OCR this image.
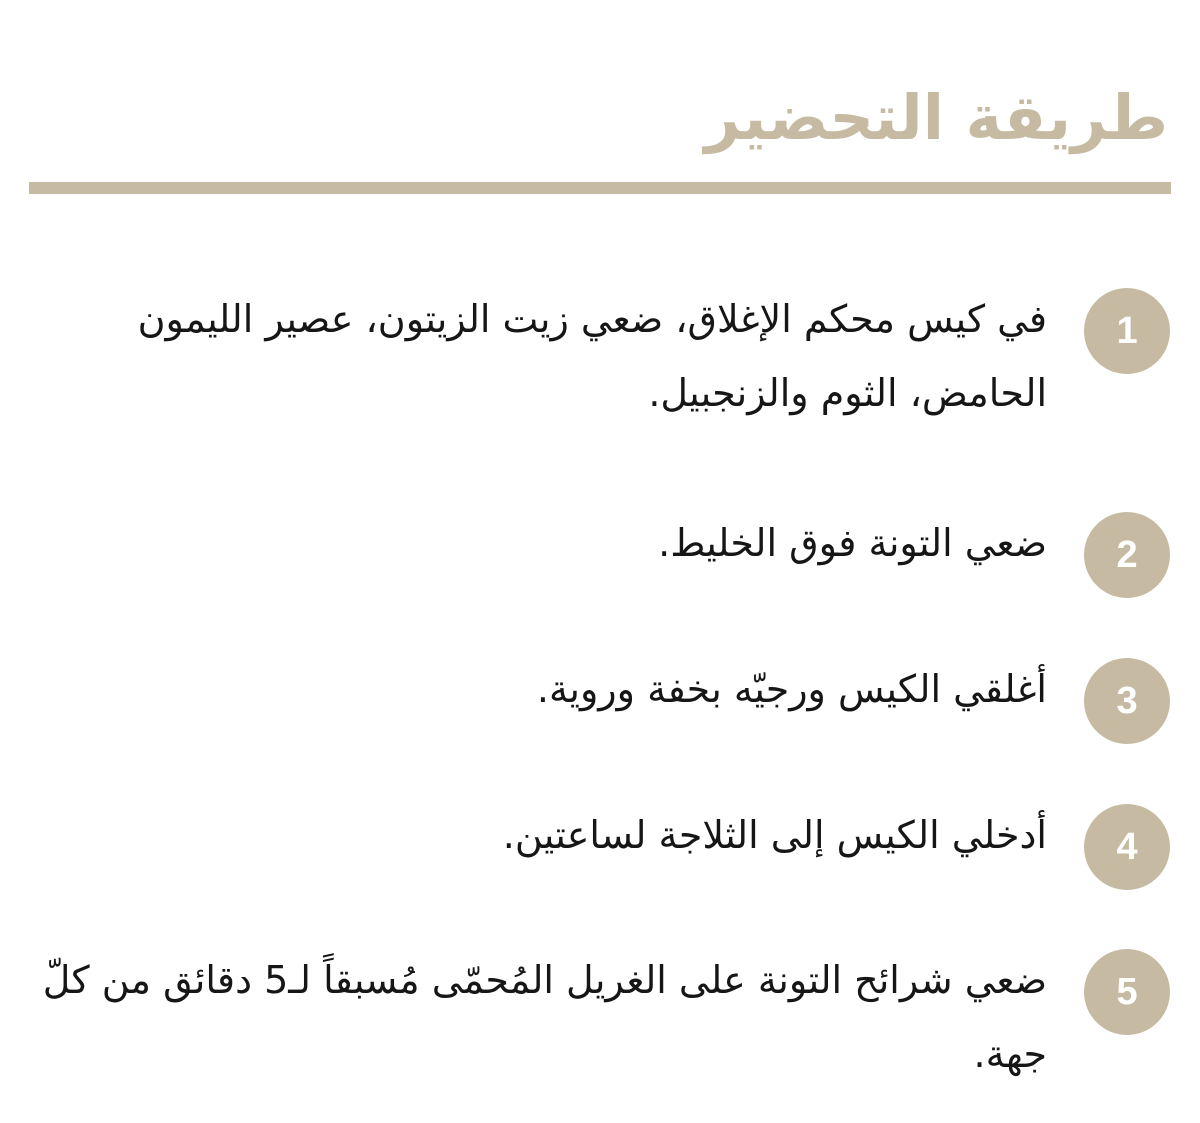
طريقة التحضير
1

في كيس محكم الإغلاق، ضعي زيت الزيتون، عصير الليمون الحامض، الثوم والزنجبيل.

2

ضعي التونة فوق الخليط.

3

أغلقي الكيس ورجيّه بخفة وروية.

4

أدخلي الكيس إلى الثلاجة لساعتين.

5

ضعي شرائح التونة على الغريل المُحمّى مُسبقاً لـ5 دقائق من كلّ جهة.
